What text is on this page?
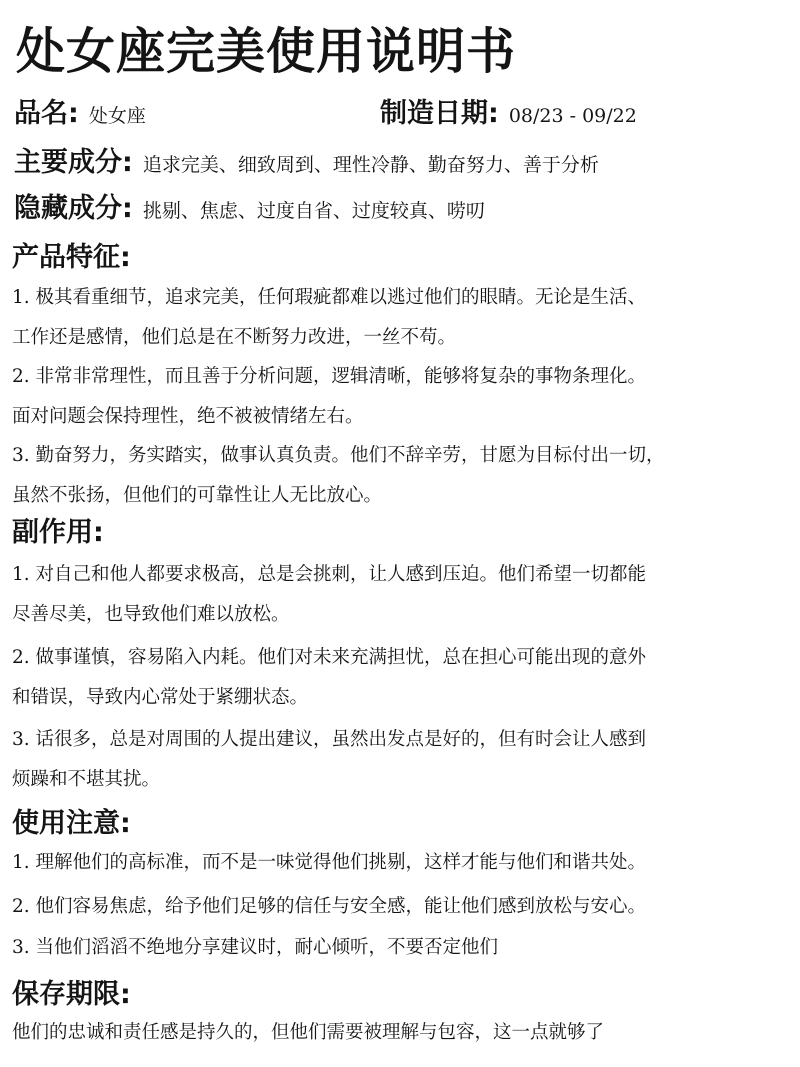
处女座完美使用说明书
品名: 处女座	制造日期: 08/23 - 09/22
主要成分: 追求完美、细致周到、理性冷静、勤奋努力、善于分析
隐藏成分: 挑剔、焦虑、过度自省、过度较真、唠叨
产品特征:
1. 极其看重细节，追求完美，任何瑕疵都难以逃过他们的眼睛。无论是生活、
工作还是感情，他们总是在不断努力改进，一丝不苟。
2. 非常非常理性，而且善于分析问题，逻辑清晰，能够将复杂的事物条理化。
面对问题会保持理性，绝不被被情绪左右。
3. 勤奋努力，务实踏实，做事认真负责。他们不辞辛劳，甘愿为目标付出一切，
虽然不张扬，但他们的可靠性让人无比放心。
副作用:
1. 对自己和他人都要求极高，总是会挑刺，让人感到压迫。他们希望一切都能
尽善尽美，也导致他们难以放松。
2. 做事谨慎，容易陷入内耗。他们对未来充满担忧，总在担心可能出现的意外
和错误，导致内心常处于紧绷状态。
3. 话很多，总是对周围的人提出建议，虽然出发点是好的，但有时会让人感到
烦躁和不堪其扰。
使用注意:
1. 理解他们的高标准，而不是一味觉得他们挑剔，这样才能与他们和谐共处。
2. 他们容易焦虑，给予他们足够的信任与安全感，能让他们感到放松与安心。
3. 当他们滔滔不绝地分享建议时，耐心倾听，不要否定他们
保存期限:
他们的忠诚和责任感是持久的，但他们需要被理解与包容，这一点就够了
